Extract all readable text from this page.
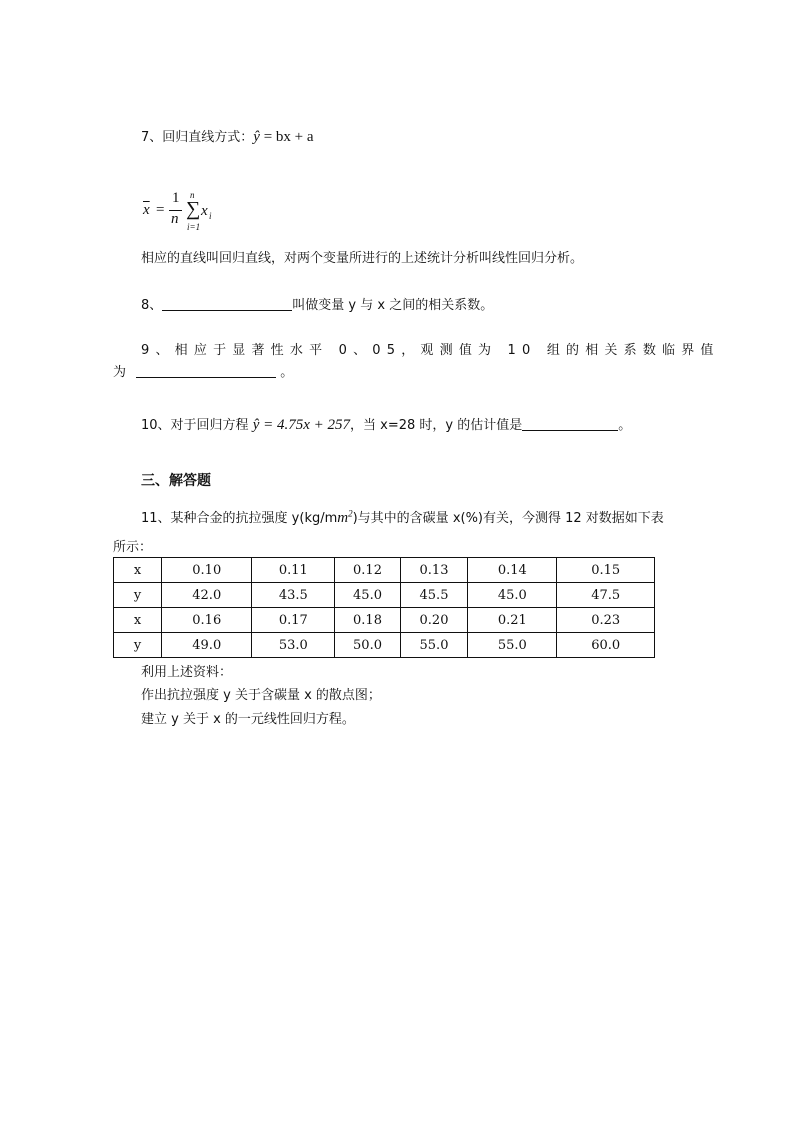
7、回归直线方式：ŷ = bx + a
$\overline{x}$ =
1
n ∑
n
i=1
x i
相应的直线叫回归直线，对两个变量所进行的上述统计分析叫线性回归分析。
8、	叫做变量 y 与 x 之间的相关系数。
9、相应于显著性水平 0、05，观测值为 10 组的相关系数临界值
为	。
10、对于回归方程 ŷ = 4.75x + 257，当 x=28 时，y 的估计值是	。
三、解答题
11、某种合金的抗拉强度 $y(kg/mm^2)$与其中的含碳量 x(%)有关，今测得 12 对数据如下表
所示：
x	0.10	0.11	0.12	0.13	0.14	0.15
y	42.0	43.5	45.0	45.5	45.0	47.5
x	0.16	0.17	0.18	0.20	0.21	0.23
y	49.0	53.0	50.0	55.0	55.0	60.0
利用上述资料：
作出抗拉强度 y 关于含碳量 x 的散点图；
建立 y 关于 x 的一元线性回归方程。
